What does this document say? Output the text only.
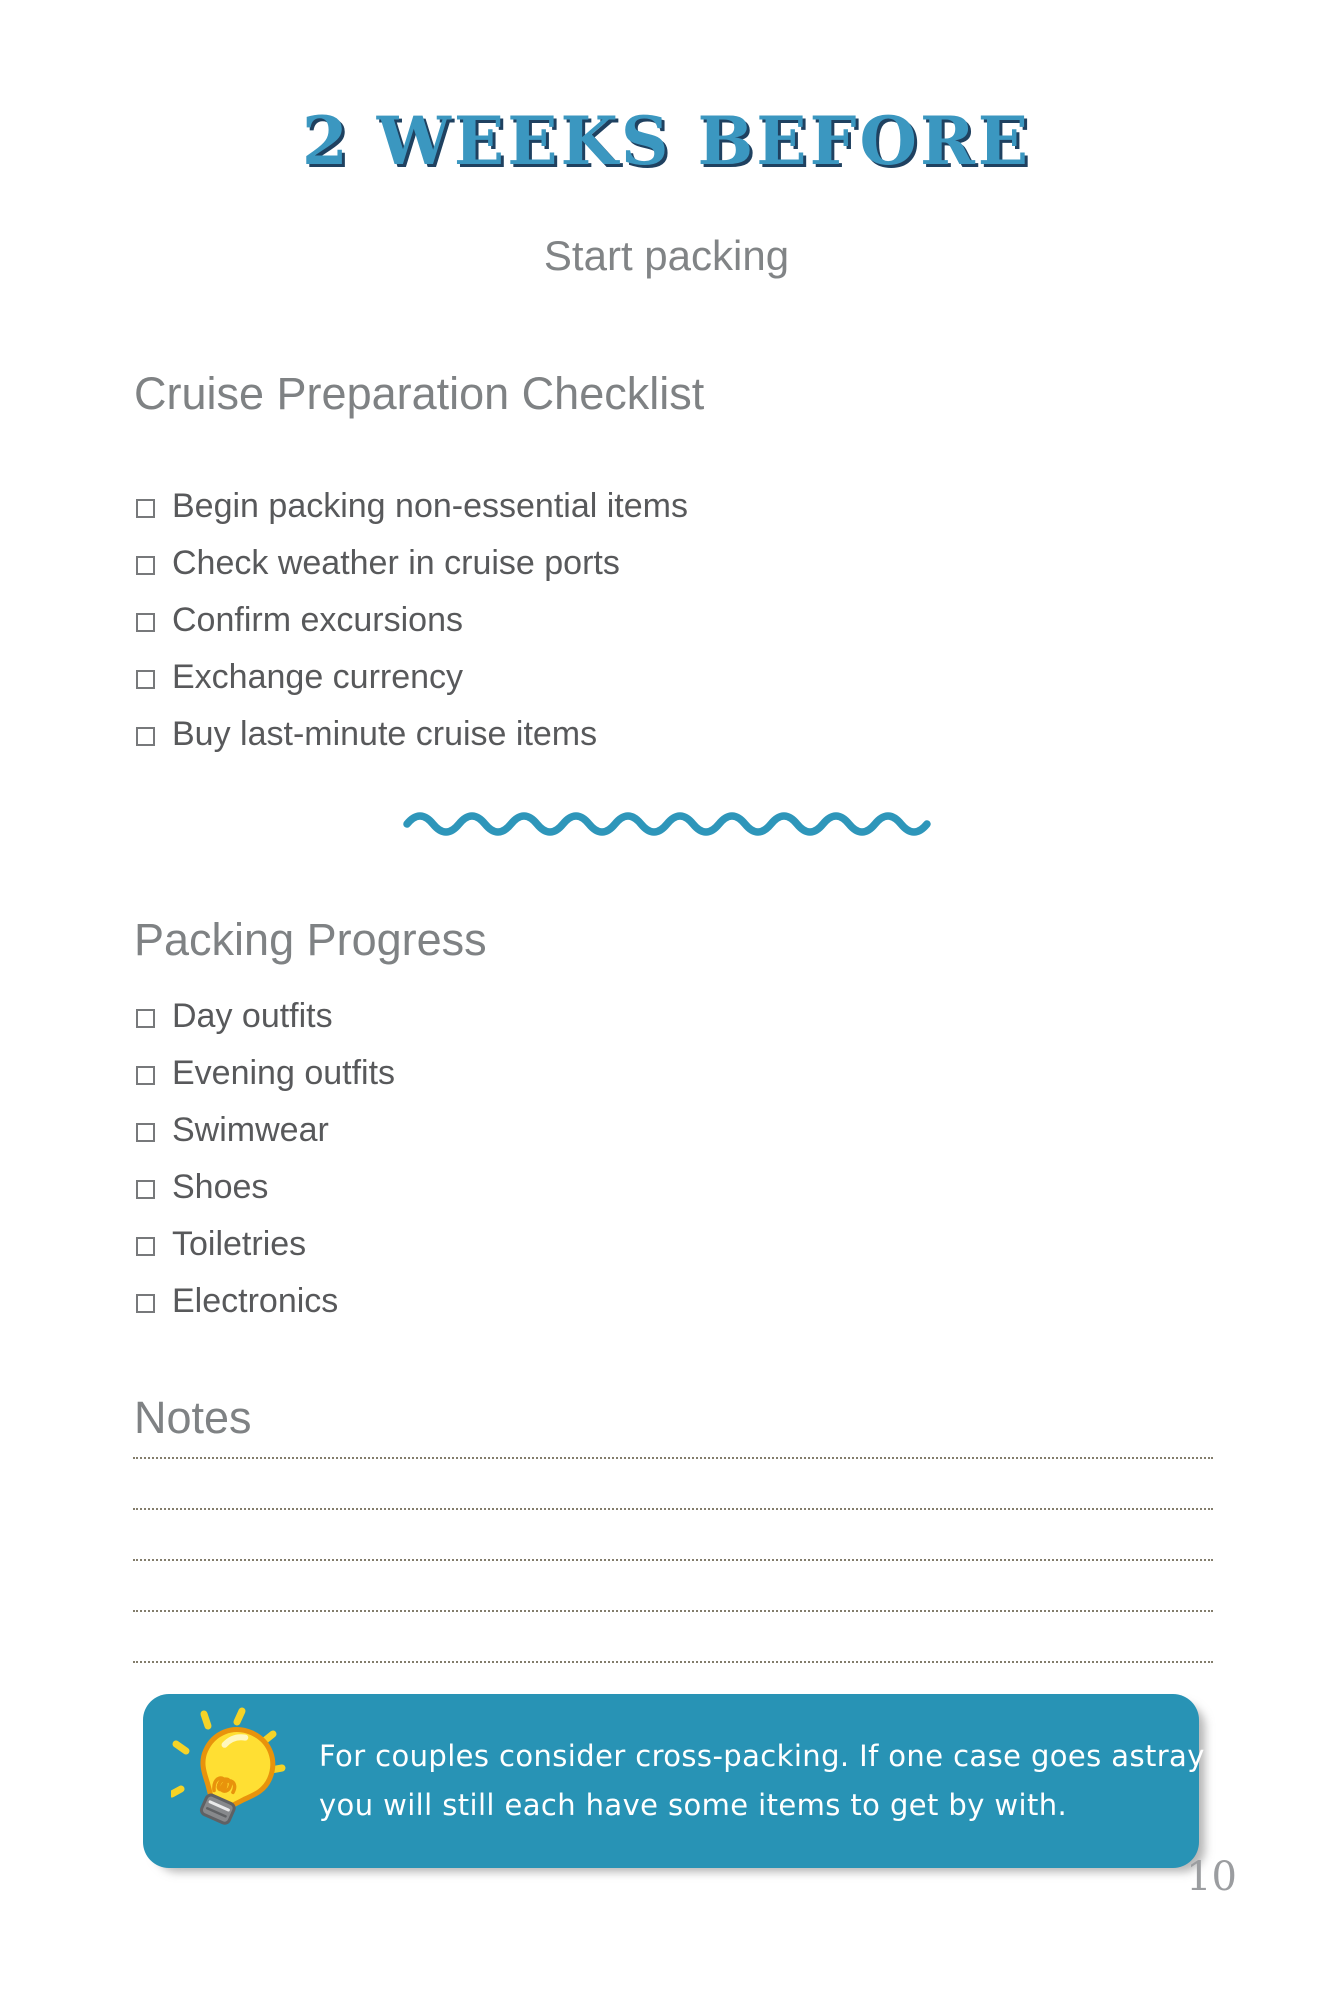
2 WEEKS BEFORE
Start packing
Cruise Preparation Checklist
Begin packing non-essential items
Check weather in cruise ports
Confirm excursions
Exchange currency
Buy last-minute cruise items
Packing Progress
Day outfits
Evening outfits
Swimwear
Shoes
Toiletries
Electronics
Notes
For couples consider cross-packing. If one case goes astray
you will still each have some items to get by with.
10
